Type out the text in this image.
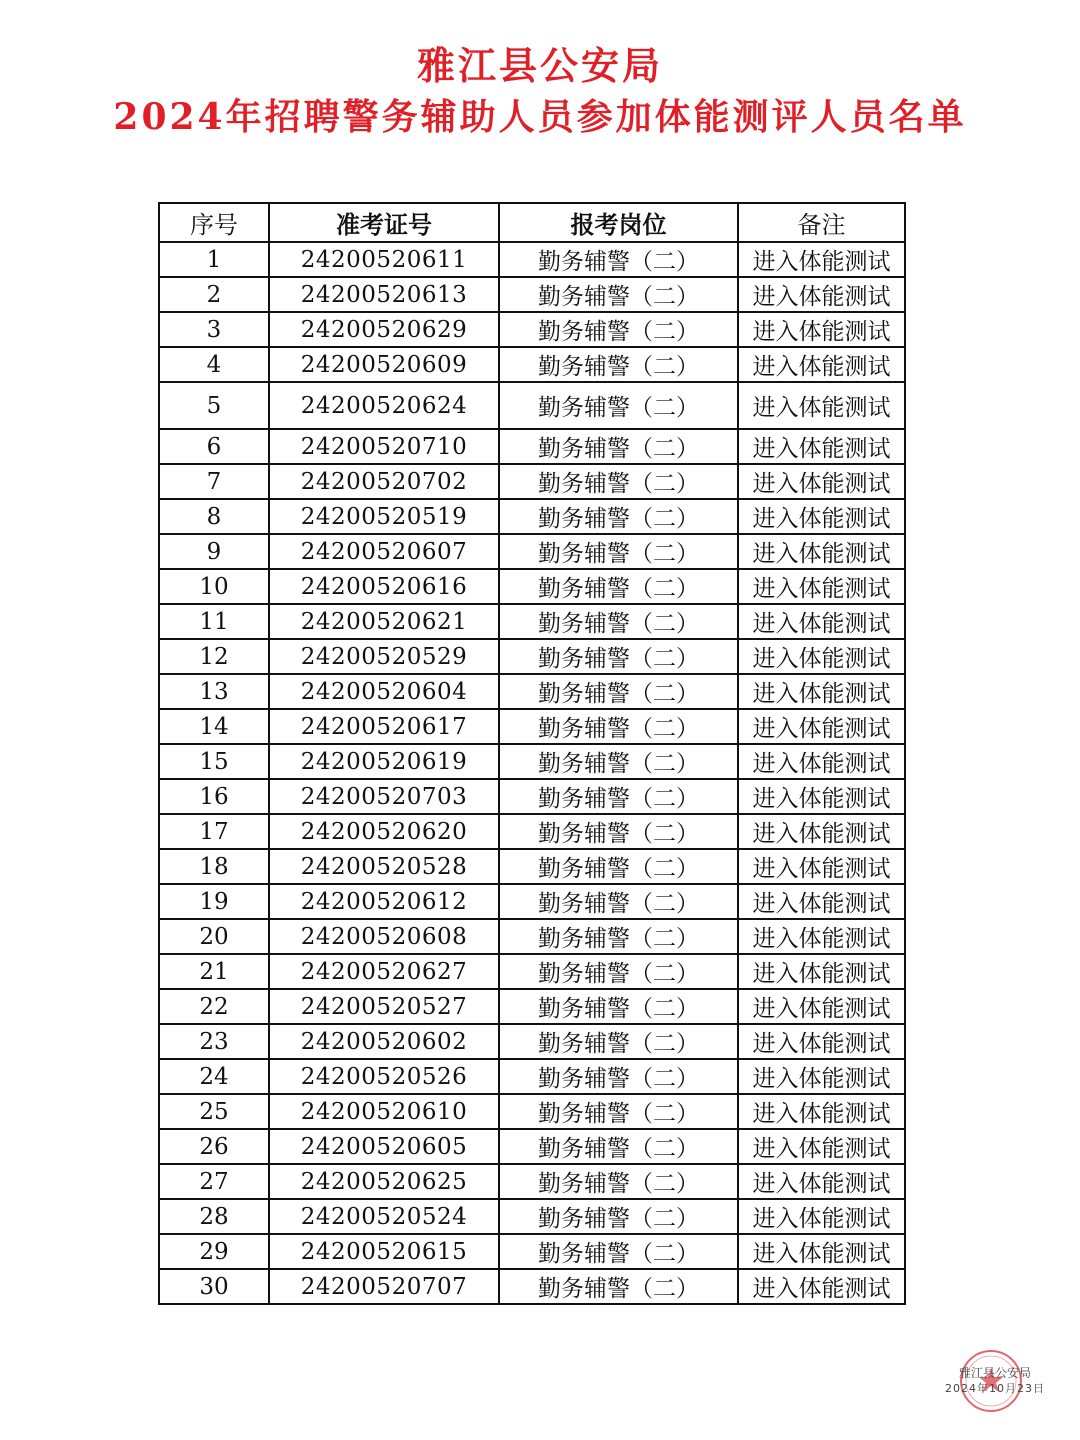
雅江县公安局
2024年招聘警务辅助人员参加体能测评人员名单
序号	准考证号	报考岗位	备注
1	24200520611	勤务辅警（二）	进入体能测试
2	24200520613	勤务辅警（二）	进入体能测试
3	24200520629	勤务辅警（二）	进入体能测试
4	24200520609	勤务辅警（二）	进入体能测试
5	24200520624	勤务辅警（二）	进入体能测试
6	24200520710	勤务辅警（二）	进入体能测试
7	24200520702	勤务辅警（二）	进入体能测试
8	24200520519	勤务辅警（二）	进入体能测试
9	24200520607	勤务辅警（二）	进入体能测试
10	24200520616	勤务辅警（二）	进入体能测试
11	24200520621	勤务辅警（二）	进入体能测试
12	24200520529	勤务辅警（二）	进入体能测试
13	24200520604	勤务辅警（二）	进入体能测试
14	24200520617	勤务辅警（二）	进入体能测试
15	24200520619	勤务辅警（二）	进入体能测试
16	24200520703	勤务辅警（二）	进入体能测试
17	24200520620	勤务辅警（二）	进入体能测试
18	24200520528	勤务辅警（二）	进入体能测试
19	24200520612	勤务辅警（二）	进入体能测试
20	24200520608	勤务辅警（二）	进入体能测试
21	24200520627	勤务辅警（二）	进入体能测试
22	24200520527	勤务辅警（二）	进入体能测试
23	24200520602	勤务辅警（二）	进入体能测试
24	24200520526	勤务辅警（二）	进入体能测试
25	24200520610	勤务辅警（二）	进入体能测试
26	24200520605	勤务辅警（二）	进入体能测试
27	24200520625	勤务辅警（二）	进入体能测试
28	24200520524	勤务辅警（二）	进入体能测试
29	24200520615	勤务辅警（二）	进入体能测试
30	24200520707	勤务辅警（二）	进入体能测试
雅江县公安局
2024年10月23日
